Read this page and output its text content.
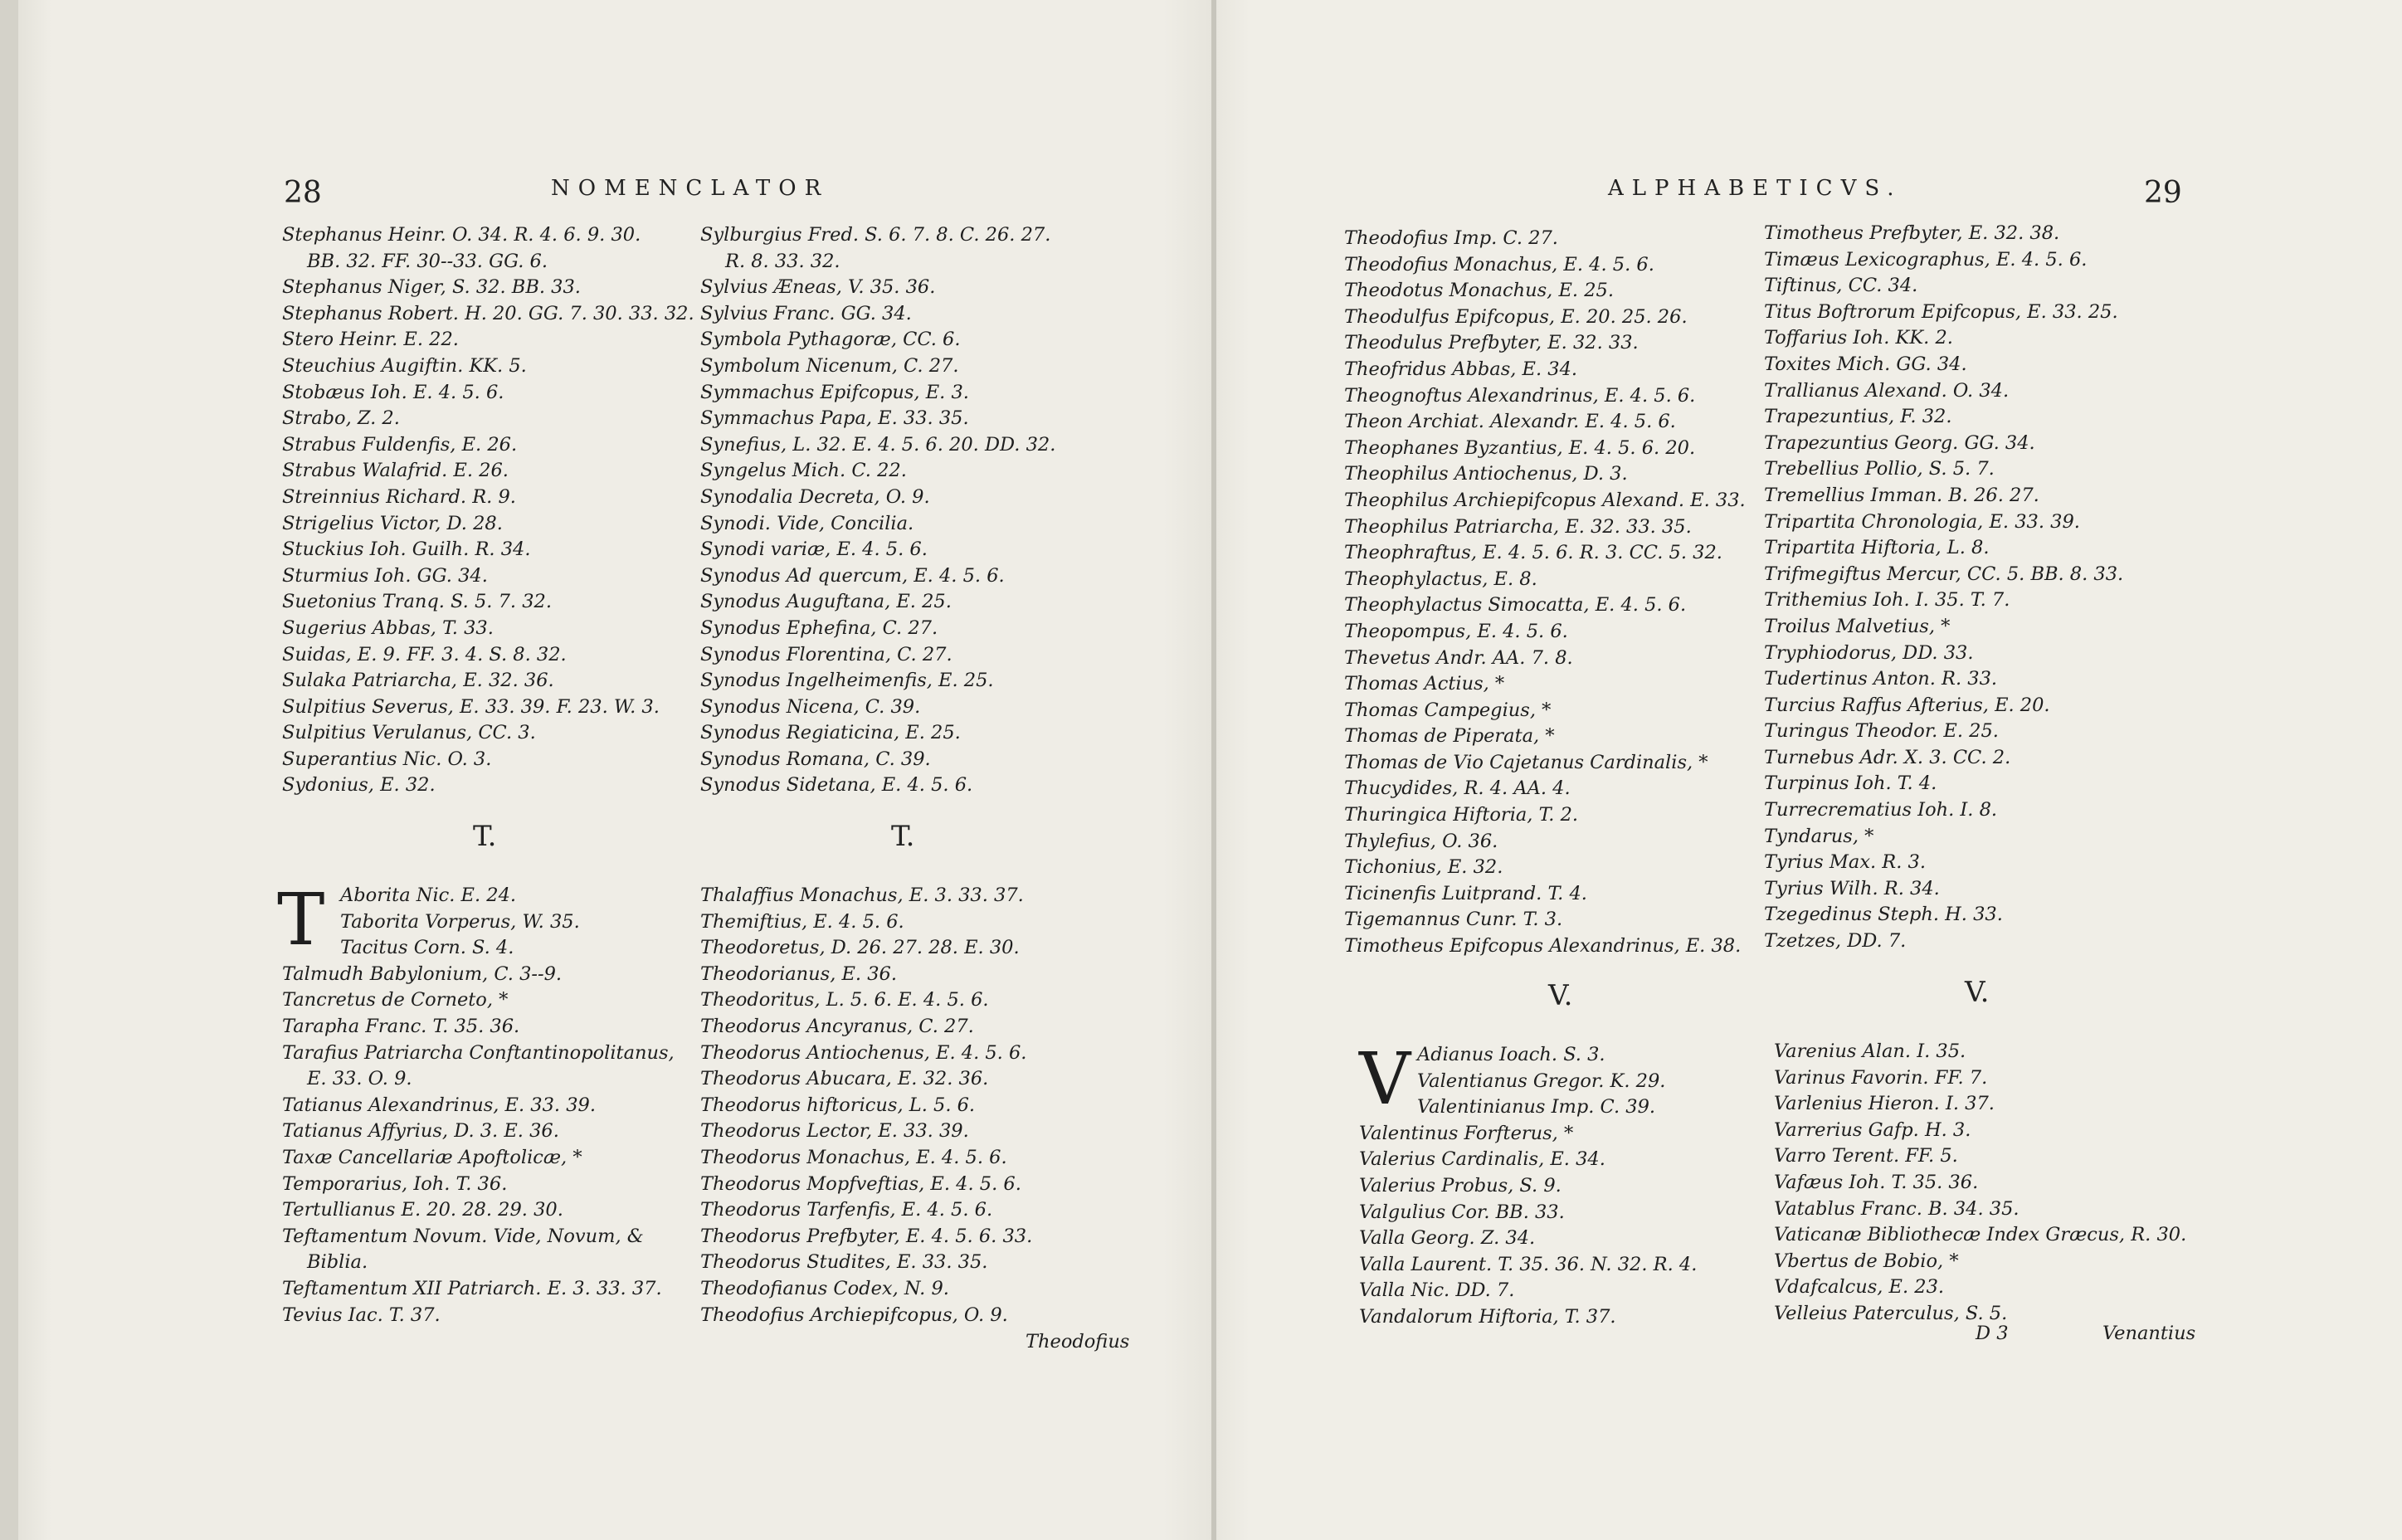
28	NOMENCLATOR
Stephanus Heinr. O. 34. R. 4. 6. 9. 30.
BB. 32. FF. 30--33. GG. 6.
Stephanus Niger, S. 32. BB. 33.
Stephanus Robert. H. 20. GG. 7. 30. 33. 32.
Stero Heinr. E. 22.
Steuchius Augiftin. KK. 5.
Stobæus Ioh. E. 4. 5. 6.
Strabo, Z. 2.
Strabus Fuldenfis, E. 26.
Strabus Walafrid. E. 26.
Streinnius Richard. R. 9.
Strigelius Victor, D. 28.
Stuckius Ioh. Guilh. R. 34.
Sturmius Ioh. GG. 34.
Suetonius Tranq. S. 5. 7. 32.
Sugerius Abbas, T. 33.
Suidas, E. 9. FF. 3. 4. S. 8. 32.
Sulaka Patriarcha, E. 32. 36.
Sulpitius Severus, E. 33. 39. F. 23. W. 3.
Sulpitius Verulanus, CC. 3.
Superantius Nic. O. 3.
Sydonius, E. 32.
Sylburgius Fred. S. 6. 7. 8. C. 26. 27.
R. 8. 33. 32.
Sylvius Æneas, V. 35. 36.
Sylvius Franc. GG. 34.
Symbola Pythagoræ, CC. 6.
Symbolum Nicenum, C. 27.
Symmachus Epifcopus, E. 3.
Symmachus Papa, E. 33. 35.
Synefius, L. 32. E. 4. 5. 6. 20. DD. 32.
Syngelus Mich. C. 22.
Synodalia Decreta, O. 9.
Synodi. Vide, Concilia.
Synodi variæ, E. 4. 5. 6.
Synodus Ad quercum, E. 4. 5. 6.
Synodus Auguftana, E. 25.
Synodus Ephefina, C. 27.
Synodus Florentina, C. 27.
Synodus Ingelheimenfis, E. 25.
Synodus Nicena, C. 39.
Synodus Regiaticina, E. 25.
Synodus Romana, C. 39.
Synodus Sidetana, E. 4. 5. 6.
T.	T.
T Aborita Nic. E. 24.
Taborita Vorperus, W. 35.
Tacitus Corn. S. 4.
Talmudh Babylonium, C. 3--9.
Tancretus de Corneto, *
Tarapha Franc. T. 35. 36.
Tarafius Patriarcha Conftantinopolitanus,
E. 33. O. 9.
Tatianus Alexandrinus, E. 33. 39.
Tatianus Affyrius, D. 3. E. 36.
Taxæ Cancellariæ Apoftolicæ, *
Temporarius, Ioh. T. 36.
Tertullianus E. 20. 28. 29. 30.
Teftamentum Novum. Vide, Novum, &
Biblia.
Teftamentum XII Patriarch. E. 3. 33. 37.
Tevius Iac. T. 37.
Thalaffius Monachus, E. 3. 33. 37.
Themiftius, E. 4. 5. 6.
Theodoretus, D. 26. 27. 28. E. 30.
Theodorianus, E. 36.
Theodoritus, L. 5. 6. E. 4. 5. 6.
Theodorus Ancyranus, C. 27.
Theodorus Antiochenus, E. 4. 5. 6.
Theodorus Abucara, E. 32. 36.
Theodorus hiftoricus, L. 5. 6.
Theodorus Lector, E. 33. 39.
Theodorus Monachus, E. 4. 5. 6.
Theodorus Mopfveftias, E. 4. 5. 6.
Theodorus Tarfenfis, E. 4. 5. 6.
Theodorus Prefbyter, E. 4. 5. 6. 33.
Theodorus Studites, E. 33. 35.
Theodofianus Codex, N. 9.
Theodofius Archiepifcopus, O. 9.
Theodofius
ALPHABETICVS.	29
Theodofius Imp. C. 27.
Theodofius Monachus, E. 4. 5. 6.
Theodotus Monachus, E. 25.
Theodulfus Epifcopus, E. 20. 25. 26.
Theodulus Prefbyter, E. 32. 33.
Theofridus Abbas, E. 34.
Theognoftus Alexandrinus, E. 4. 5. 6.
Theon Archiat. Alexandr. E. 4. 5. 6.
Theophanes Byzantius, E. 4. 5. 6. 20.
Theophilus Antiochenus, D. 3.
Theophilus Archiepifcopus Alexand. E. 33.
Theophilus Patriarcha, E. 32. 33. 35.
Theophraftus, E. 4. 5. 6. R. 3. CC. 5. 32.
Theophylactus, E. 8.
Theophylactus Simocatta, E. 4. 5. 6.
Theopompus, E. 4. 5. 6.
Thevetus Andr. AA. 7. 8.
Thomas Actius, *
Thomas Campegius, *
Thomas de Piperata, *
Thomas de Vio Cajetanus Cardinalis, *
Thucydides, R. 4. AA. 4.
Thuringica Hiftoria, T. 2.
Thylefius, O. 36.
Tichonius, E. 32.
Ticinenfis Luitprand. T. 4.
Tigemannus Cunr. T. 3.
Timotheus Epifcopus Alexandrinus, E. 38.
Timotheus Prefbyter, E. 32. 38.
Timæus Lexicographus, E. 4. 5. 6.
Tiftinus, CC. 34.
Titus Boftrorum Epifcopus, E. 33. 25.
Toffarius Ioh. KK. 2.
Toxites Mich. GG. 34.
Trallianus Alexand. O. 34.
Trapezuntius, F. 32.
Trapezuntius Georg. GG. 34.
Trebellius Pollio, S. 5. 7.
Tremellius Imman. B. 26. 27.
Tripartita Chronologia, E. 33. 39.
Tripartita Hiftoria, L. 8.
Trifmegiftus Mercur, CC. 5. BB. 8. 33.
Trithemius Ioh. I. 35. T. 7.
Troilus Malvetius, *
Tryphiodorus, DD. 33.
Tudertinus Anton. R. 33.
Turcius Raffus Afterius, E. 20.
Turingus Theodor. E. 25.
Turnebus Adr. X. 3. CC. 2.
Turpinus Ioh. T. 4.
Turrecrematius Ioh. I. 8.
Tyndarus, *
Tyrius Max. R. 3.
Tyrius Wilh. R. 34.
Tzegedinus Steph. H. 33.
Tzetzes, DD. 7.
V.	V.
V Adianus Ioach. S. 3.
Valentianus Gregor. K. 29.
Valentinianus Imp. C. 39.
Valentinus Forfterus, *
Valerius Cardinalis, E. 34.
Valerius Probus, S. 9.
Valgulius Cor. BB. 33.
Valla Georg. Z. 34.
Valla Laurent. T. 35. 36. N. 32. R. 4.
Valla Nic. DD. 7.
Vandalorum Hiftoria, T. 37.
Varenius Alan. I. 35.
Varinus Favorin. FF. 7.
Varlenius Hieron. I. 37.
Varrerius Gafp. H. 3.
Varro Terent. FF. 5.
Vafæus Ioh. T. 35. 36.
Vatablus Franc. B. 34. 35.
Vaticanæ Bibliothecæ Index Græcus, R. 30.
Vbertus de Bobio, *
Vdafcalcus, E. 23.
Velleius Paterculus, S. 5.
D 3	Venantius
